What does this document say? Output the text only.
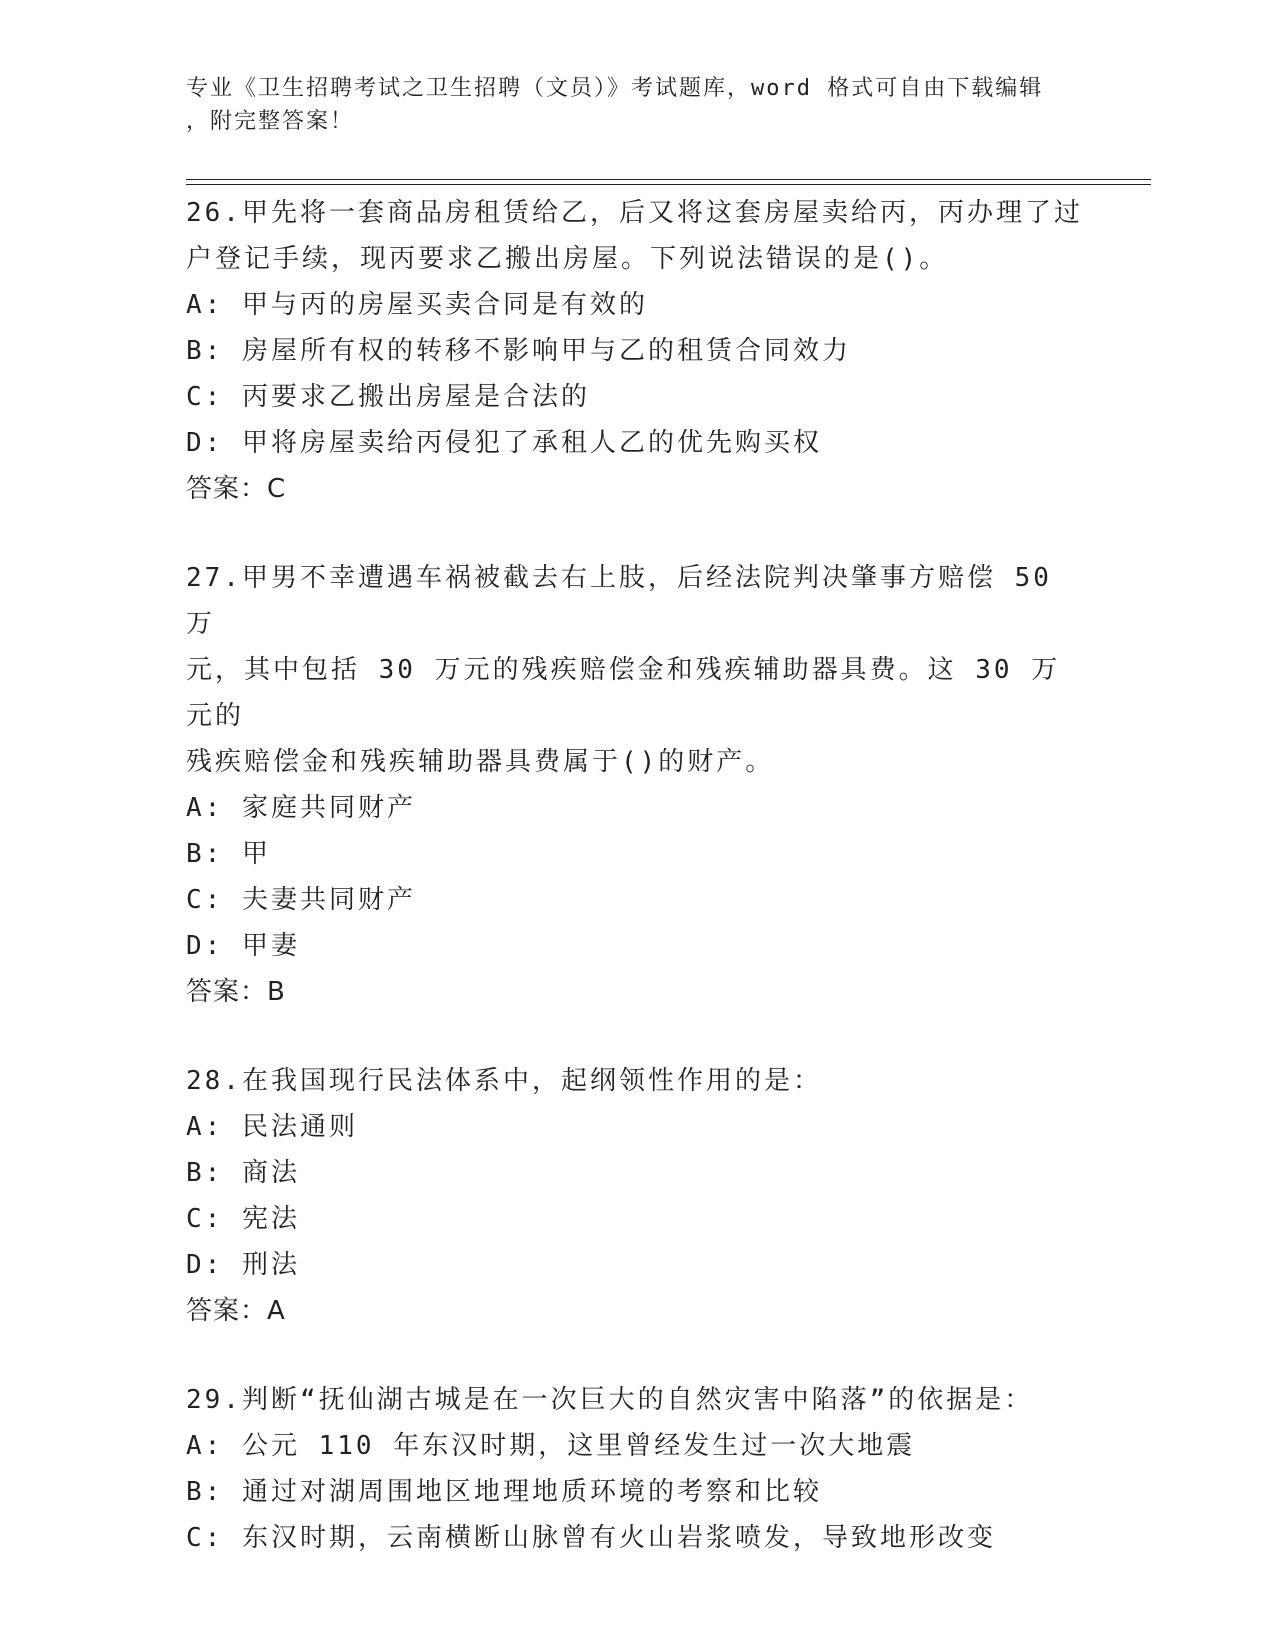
专业《卫生招聘考试之卫生招聘（文员）》考试题库，word 格式可自由下载编辑
，附完整答案！
26.甲先将一套商品房租赁给乙，后又将这套房屋卖给丙，丙办理了过
户登记手续，现丙要求乙搬出房屋。下列说法错误的是()。
A: 甲与丙的房屋买卖合同是有效的
B: 房屋所有权的转移不影响甲与乙的租赁合同效力
C: 丙要求乙搬出房屋是合法的
D: 甲将房屋卖给丙侵犯了承租人乙的优先购买权
答案：C
27.甲男不幸遭遇车祸被截去右上肢，后经法院判决肇事方赔偿 50 万
元，其中包括 30 万元的残疾赔偿金和残疾辅助器具费。这 30 万元的
残疾赔偿金和残疾辅助器具费属于()的财产。
A: 家庭共同财产
B: 甲
C: 夫妻共同财产
D: 甲妻
答案：B
28.在我国现行民法体系中，起纲领性作用的是：
A: 民法通则
B: 商法
C: 宪法
D: 刑法
答案：A
29.判断“抚仙湖古城是在一次巨大的自然灾害中陷落”的依据是：
A: 公元 110 年东汉时期，这里曾经发生过一次大地震
B: 通过对湖周围地区地理地质环境的考察和比较
C: 东汉时期，云南横断山脉曾有火山岩浆喷发，导致地形改变
